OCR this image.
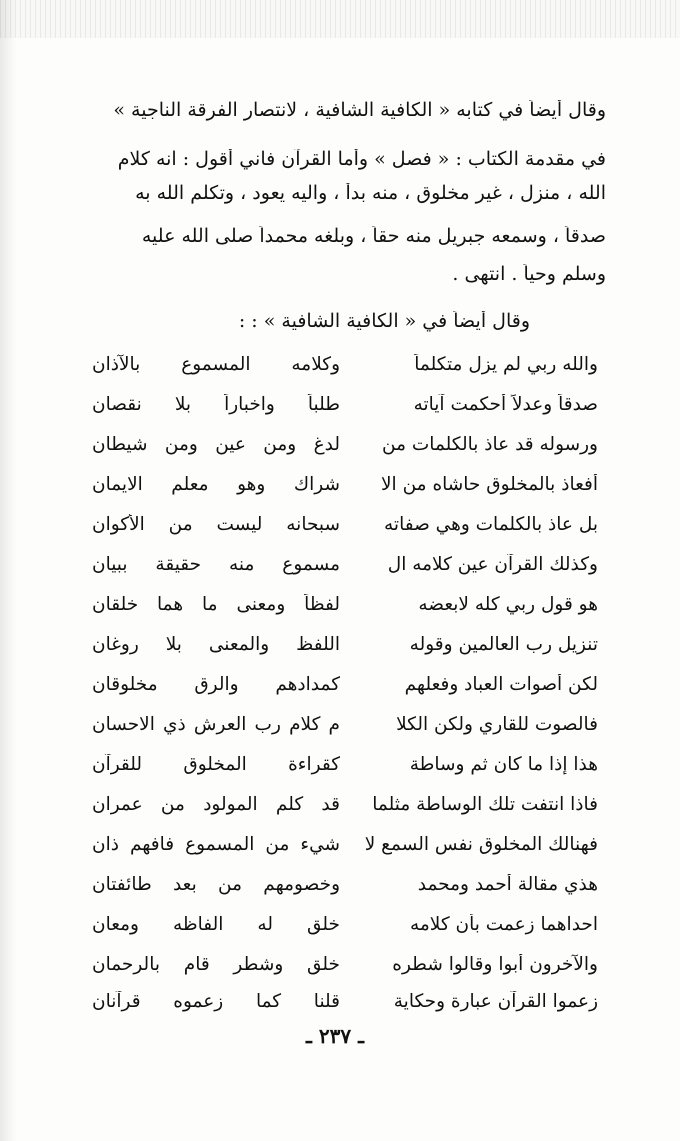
وقال أيضاً في كتابه « الكافية الشافية ، لانتصار الفرقة الناجية »
في مقدمة الكتاب : « فصل » وأما القرآن فاني أقول : انه كلام
الله ، منزل ، غير مخلوق ، منه بدأ ، واليه يعود ، وتكلم الله به
صدقاً ، وسمعه جبريل منه حقاً ، وبلغه محمداً صلى الله عليه
وسلم وحياً . انتهى .
وقال أيضاً في « الكافية الشافية » : :
والله ربي لم يزل متكلماً
وكلامه المسموع بالآذان
صدقاً وعدلاً أحكمت آياته
طلباً واخباراً بلا نقصان
ورسوله قد عاذ بالكلمات من
لدغ ومن عين ومن شيطان
أفعاذ بالمخلوق حاشاه من الا
شراك وهو معلم الايمان
بل عاذ بالكلمات وهي صفاته
سبحانه ليست من الأكوان
وكذلك القرآن عين كلامه ال
مسموع منه حقيقة ببيان
هو قول ربي كله لابعضه
لفظاً ومعنى ما هما خلقان
تنزيل رب العالمين وقوله
اللفظ والمعنى بلا روغان
لكن أصوات العباد وفعلهم
كمدادهم والرق مخلوقان
فالصوت للقاري ولكن الكلا
م كلام رب العرش ذي الاحسان
هذا إذا ما كان ثم وساطة
كقراءة المخلوق للقرآن
فاذا انتفت تلك الوساطة مثلما
قد كلم المولود من عمران
فهنالك المخلوق نفس السمع لا
شيء من المسموع فافهم ذان
هذي مقالة أحمد ومحمد
وخصومهم من بعد طائفتان
احداهما زعمت بأن كلامه
خلق له الفاظه ومعان
والآخرون أبوا وقالوا شطره
خلق وشطر قام بالرحمان
زعموا القرآن عبارة وحكاية
قلنا كما زعموه قرآنان
ـ ٢٣٧ ـ
